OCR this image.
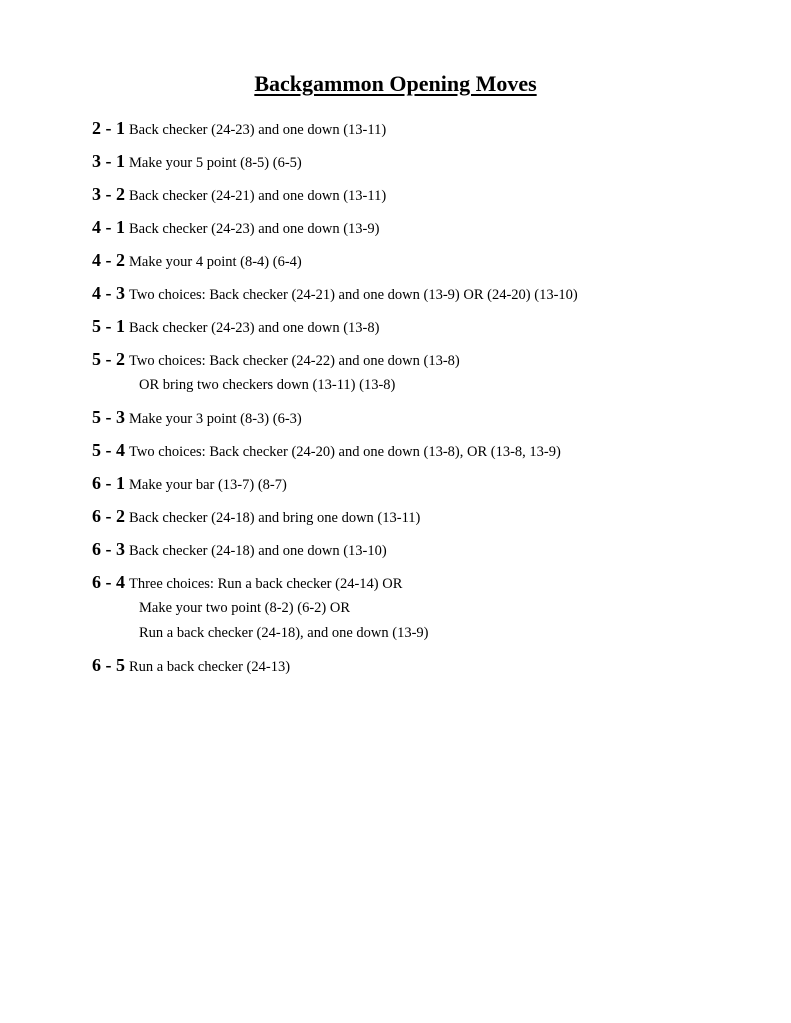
Backgammon Opening Moves
2 - 1 Back checker (24-23) and one down (13-11)
3 - 1 Make your 5 point (8-5) (6-5)
3 - 2 Back checker (24-21) and one down (13-11)
4 - 1 Back checker (24-23) and one down (13-9)
4 - 2 Make your 4 point (8-4) (6-4)
4 - 3 Two choices: Back checker (24-21) and one down (13-9) OR (24-20) (13-10)
5 - 1 Back checker (24-23) and one down (13-8)
5 - 2 Two choices: Back checker (24-22) and one down (13-8)
OR bring two checkers down (13-11) (13-8)
5 - 3 Make your 3 point (8-3) (6-3)
5 - 4 Two choices: Back checker (24-20) and one down (13-8), OR (13-8, 13-9)
6 - 1 Make your bar (13-7) (8-7)
6 - 2 Back checker (24-18) and bring one down (13-11)
6 - 3 Back checker (24-18) and one down (13-10)
6 - 4 Three choices: Run a back checker (24-14) OR
Make your two point (8-2) (6-2) OR
Run a back checker (24-18), and one down (13-9)
6 - 5 Run a back checker (24-13)
